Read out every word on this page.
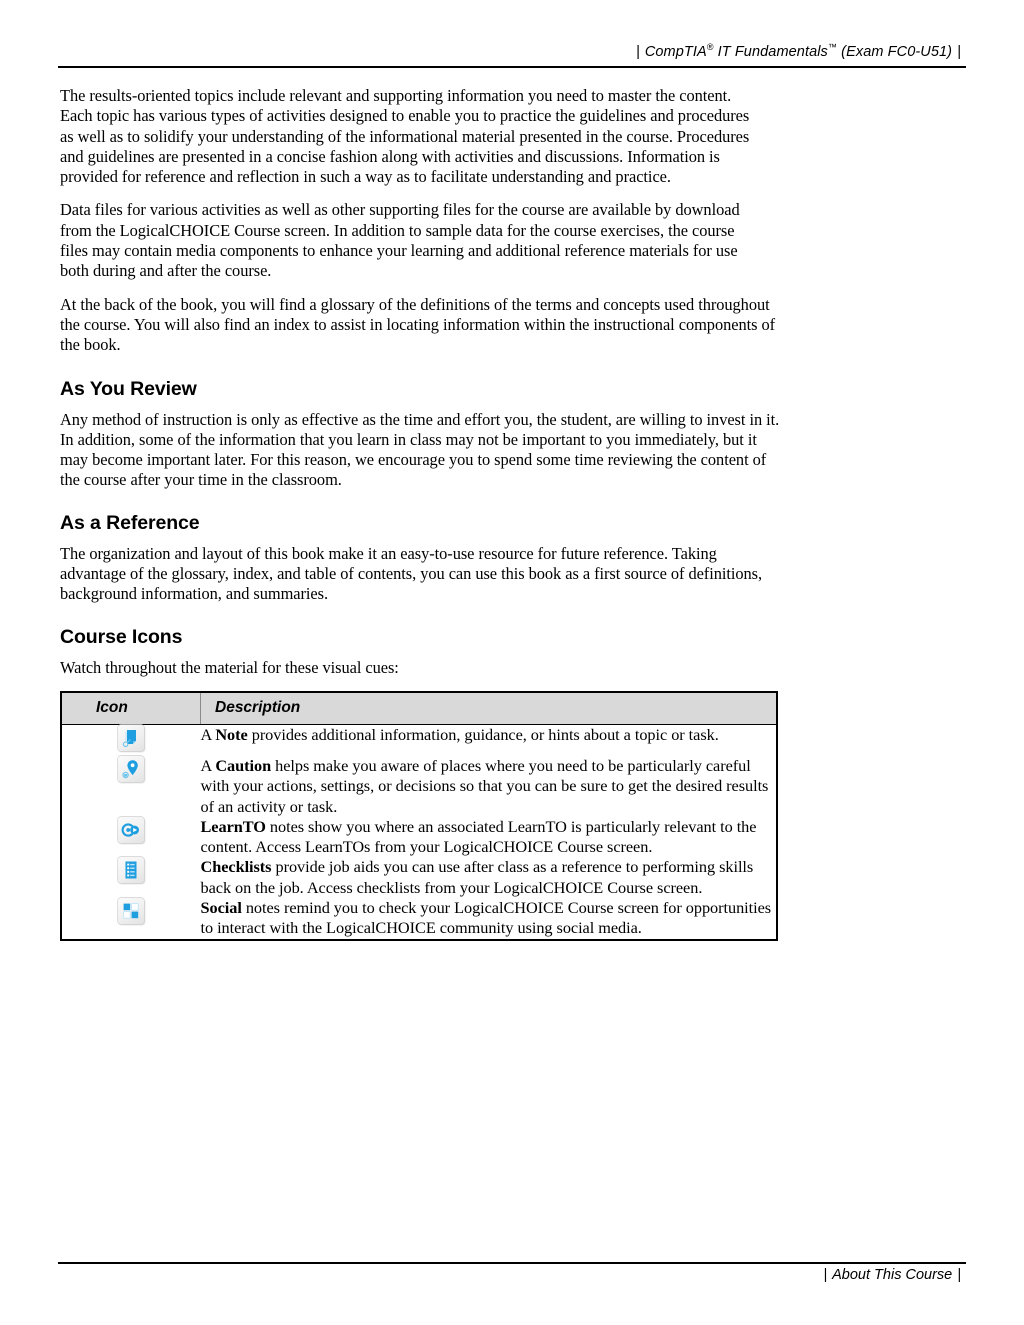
| CompTIA® IT Fundamentals™ (Exam FC0-U51) |

The results-oriented topics include relevant and supporting information you need to master the content. Each topic has various types of activities designed to enable you to practice the guidelines and procedures as well as to solidify your understanding of the informational material presented in the course. Procedures and guidelines are presented in a concise fashion along with activities and discussions. Information is provided for reference and reflection in such a way as to facilitate understanding and practice.

Data files for various activities as well as other supporting files for the course are available by download from the LogicalCHOICE Course screen. In addition to sample data for the course exercises, the course files may contain media components to enhance your learning and additional reference materials for use both during and after the course.

At the back of the book, you will find a glossary of the definitions of the terms and concepts used throughout the course. You will also find an index to assist in locating information within the instructional components of the book.

As You Review

Any method of instruction is only as effective as the time and effort you, the student, are willing to invest in it. In addition, some of the information that you learn in class may not be important to you immediately, but it may become important later. For this reason, we encourage you to spend some time reviewing the content of the course after your time in the classroom.

As a Reference

The organization and layout of this book make it an easy-to-use resource for future reference. Taking advantage of the glossary, index, and table of contents, you can use this book as a first source of definitions, background information, and summaries.

Course Icons

Watch throughout the material for these visual cues:

Icon	Description

	A Note provides additional information, guidance, or hints about a topic or task.

	A Caution helps make you aware of places where you need to be particularly careful with your actions, settings, or decisions so that you can be sure to get the desired results of an activity or task.

	LearnTO notes show you where an associated LearnTO is particularly relevant to the content. Access LearnTOs from your LogicalCHOICE Course screen.

	Checklists provide job aids you can use after class as a reference to performing skills back on the job. Access checklists from your LogicalCHOICE Course screen.

	Social notes remind you to check your LogicalCHOICE Course screen for opportunities to interact with the LogicalCHOICE community using social media.
| About This Course |
